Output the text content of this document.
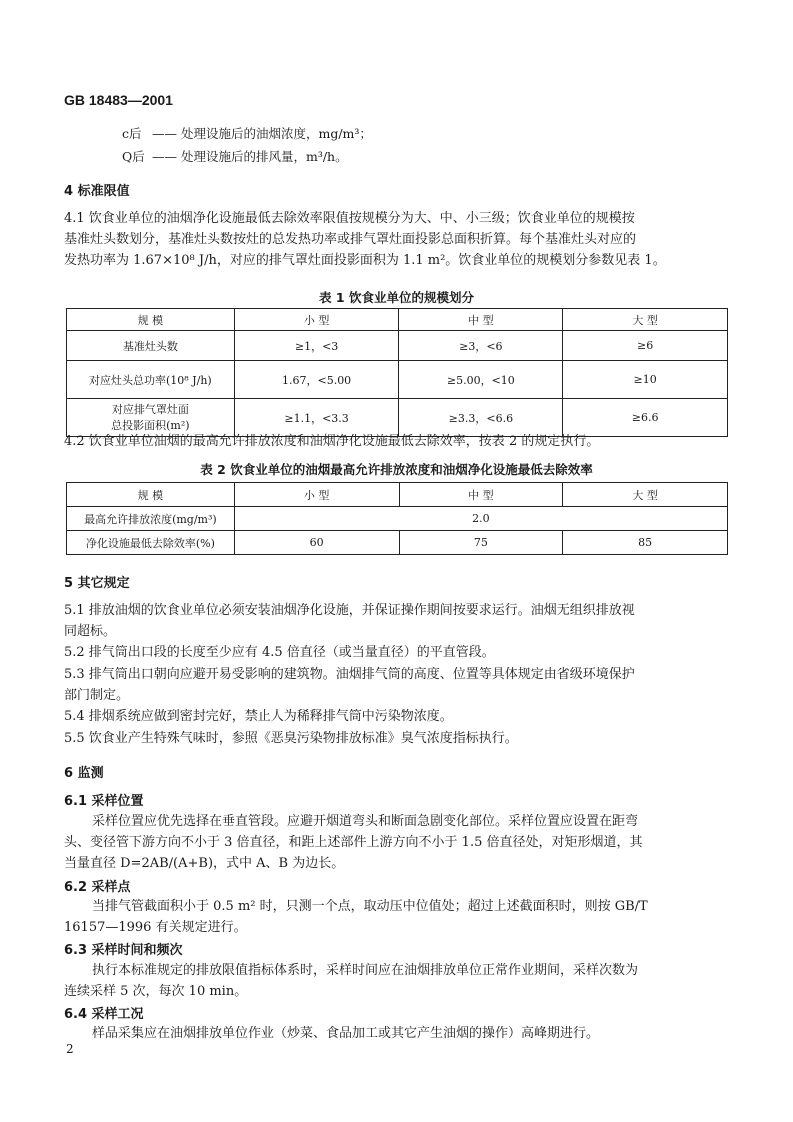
GB 18483—2001
c后 —— 处理设施后的油烟浓度，mg/m³；
Q后 —— 处理设施后的排风量，m³/h。
4 标准限值
4.1 饮食业单位的油烟净化设施最低去除效率限值按规模分为大、中、小三级；饮食业单位的规模按
基准灶头数划分，基准灶头数按灶的总发热功率或排气罩灶面投影总面积折算。每个基准灶头对应的
发热功率为 1.67×10⁸ J/h，对应的排气罩灶面投影面积为 1.1 m²。饮食业单位的规模划分参数见表 1。
表 1 饮食业单位的规模划分
规 模	小 型	中 型	大 型
基准灶头数	≥1，<3	≥3，<6	≥6
对应灶头总功率(10⁸ J/h)	1.67，<5.00	≥5.00，<10	≥10

对应排气罩灶面
总投影面积(m²)	≥1.1，<3.3	≥3.3，<6.6	≥6.6
4.2 饮食业单位油烟的最高允许排放浓度和油烟净化设施最低去除效率，按表 2 的规定执行。
表 2 饮食业单位的油烟最高允许排放浓度和油烟净化设施最低去除效率
规 模	小 型	中 型	大 型
最高允许排放浓度(mg/m³)	2.0		
净化设施最低去除效率(%)	60	75	85
5 其它规定
5.1 排放油烟的饮食业单位必须安装油烟净化设施，并保证操作期间按要求运行。油烟无组织排放视
同超标。
5.2 排气筒出口段的长度至少应有 4.5 倍直径（或当量直径）的平直管段。
5.3 排气筒出口朝向应避开易受影响的建筑物。油烟排气筒的高度、位置等具体规定由省级环境保护
部门制定。
5.4 排烟系统应做到密封完好，禁止人为稀释排气筒中污染物浓度。
5.5 饮食业产生特殊气味时，参照《恶臭污染物排放标准》臭气浓度指标执行。
6 监测
6.1 采样位置
采样位置应优先选择在垂直管段。应避开烟道弯头和断面急剧变化部位。采样位置应设置在距弯
头、变径管下游方向不小于 3 倍直径，和距上述部件上游方向不小于 1.5 倍直径处，对矩形烟道，其
当量直径 D=2AB/(A+B)，式中 A、B 为边长。
6.2 采样点
当排气管截面积小于 0.5 m² 时，只测一个点，取动压中位值处；超过上述截面积时，则按 GB/T
16157—1996 有关规定进行。
6.3 采样时间和频次
执行本标准规定的排放限值指标体系时，采样时间应在油烟排放单位正常作业期间，采样次数为
连续采样 5 次，每次 10 min。
6.4 采样工况
样品采集应在油烟排放单位作业（炒菜、食品加工或其它产生油烟的操作）高峰期进行。
2
